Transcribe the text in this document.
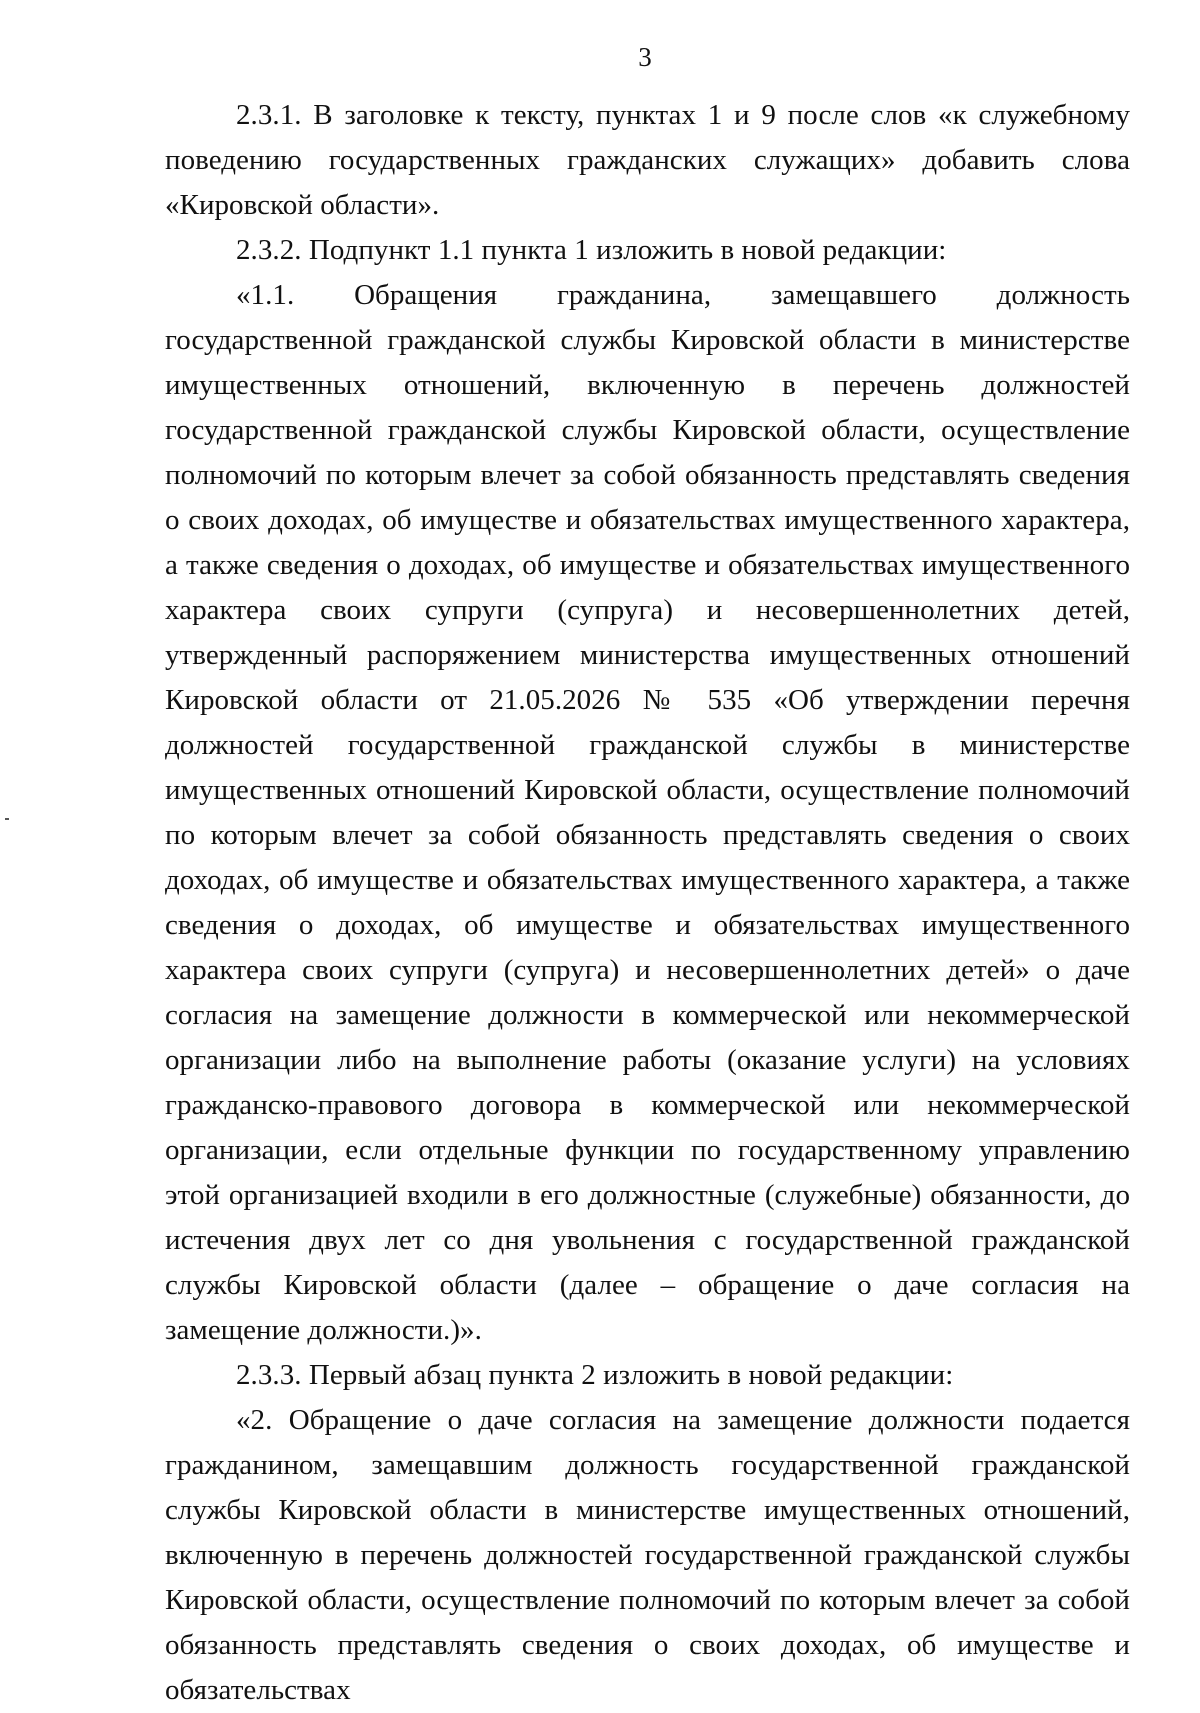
3

2.3.1. В заголовке к тексту, пунктах 1 и 9 после слов «к служебному поведению государственных гражданских служащих» добавить слова «Кировской области».

2.3.2. Подпункт 1.1 пункта 1 изложить в новой редакции:

«1.1. Обращения гражданина, замещавшего должность государственной гражданской службы Кировской области в министерстве имущественных отношений, включенную в перечень должностей государственной гражданской службы Кировской области, осуществление полномочий по которым влечет за собой обязанность представлять сведения о своих доходах, об имуществе и обязательствах имущественного характера, а также сведения о доходах, об имуществе и обязательствах имущественного характера своих супруги (супруга) и несовершеннолетних детей, утвержденный распоряжением министерства имущественных отношений Кировской области от 21.05.2026 № 535 «Об утверждении перечня должностей государственной гражданской службы в министерстве имущественных отношений Кировской области, осуществление полномочий по которым влечет за собой обязанность представлять сведения о своих доходах, об имуществе и обязательствах имущественного характера, а также сведения о доходах, об имуществе и обязательствах имущественного характера своих супруги (супруга) и несовершеннолетних детей» о даче согласия на замещение должности в коммерческой или некоммерческой организации либо на выполнение работы (оказание услуги) на условиях гражданско-правового договора в коммерческой или некоммерческой организации, если отдельные функции по государственному управлению этой организацией входили в его должностные (служебные) обязанности, до истечения двух лет со дня увольнения с государственной гражданской службы Кировской области (далее – обращение о даче согласия на замещение должности.)».

2.3.3. Первый абзац пункта 2 изложить в новой редакции:

«2. Обращение о даче согласия на замещение должности подается гражданином, замещавшим должность государственной гражданской службы Кировской области в министерстве имущественных отношений, включенную в перечень должностей государственной гражданской службы Кировской области, осуществление полномочий по которым влечет за собой обязанность представлять сведения о своих доходах, об имуществе и обязательствах
